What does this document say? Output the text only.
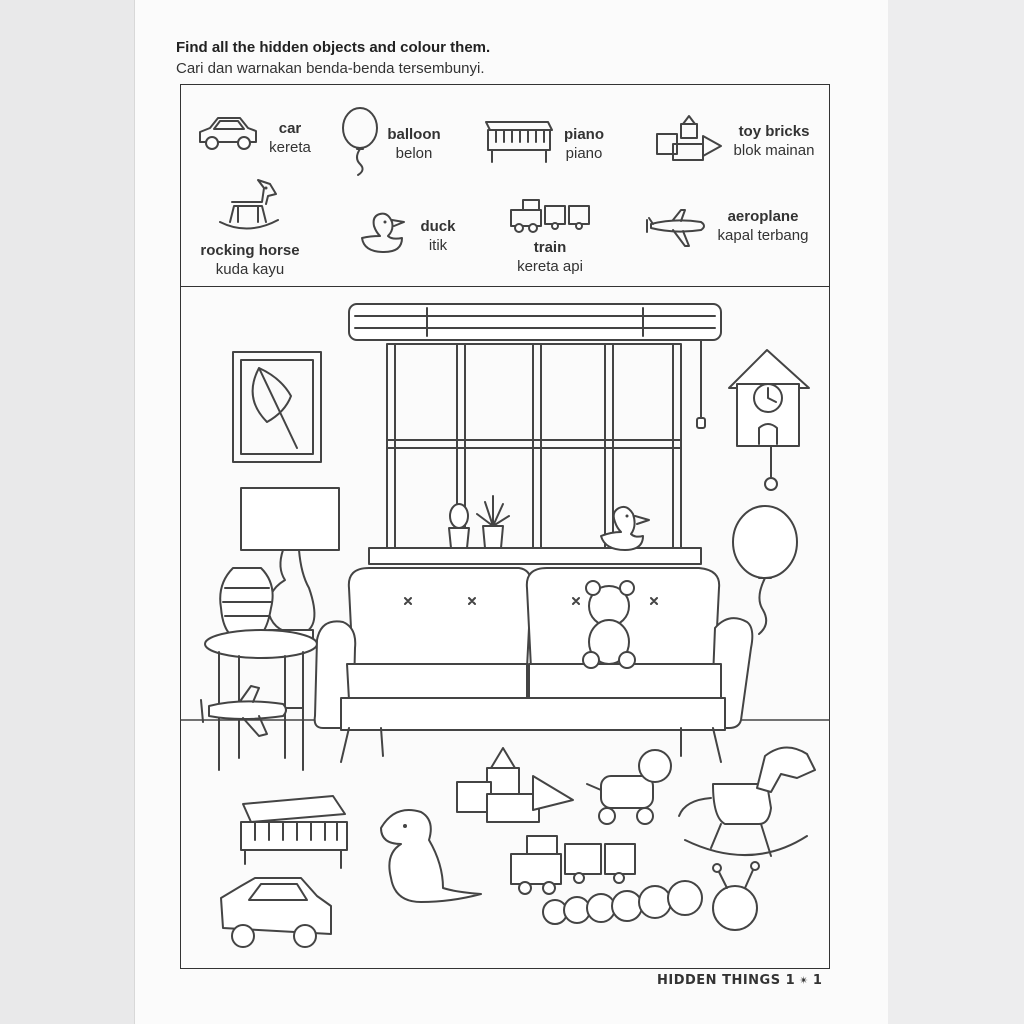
Find all the hidden objects and colour them.
Cari dan warnakan benda-benda tersembunyi.
car
kereta
balloon
belon
piano
piano
toy bricks
blok mainan
rocking horse
kuda kayu
duck
itik	train
kereta api
aeroplane
kapal terbang
HIDDEN THINGS 1 ✴ 1
